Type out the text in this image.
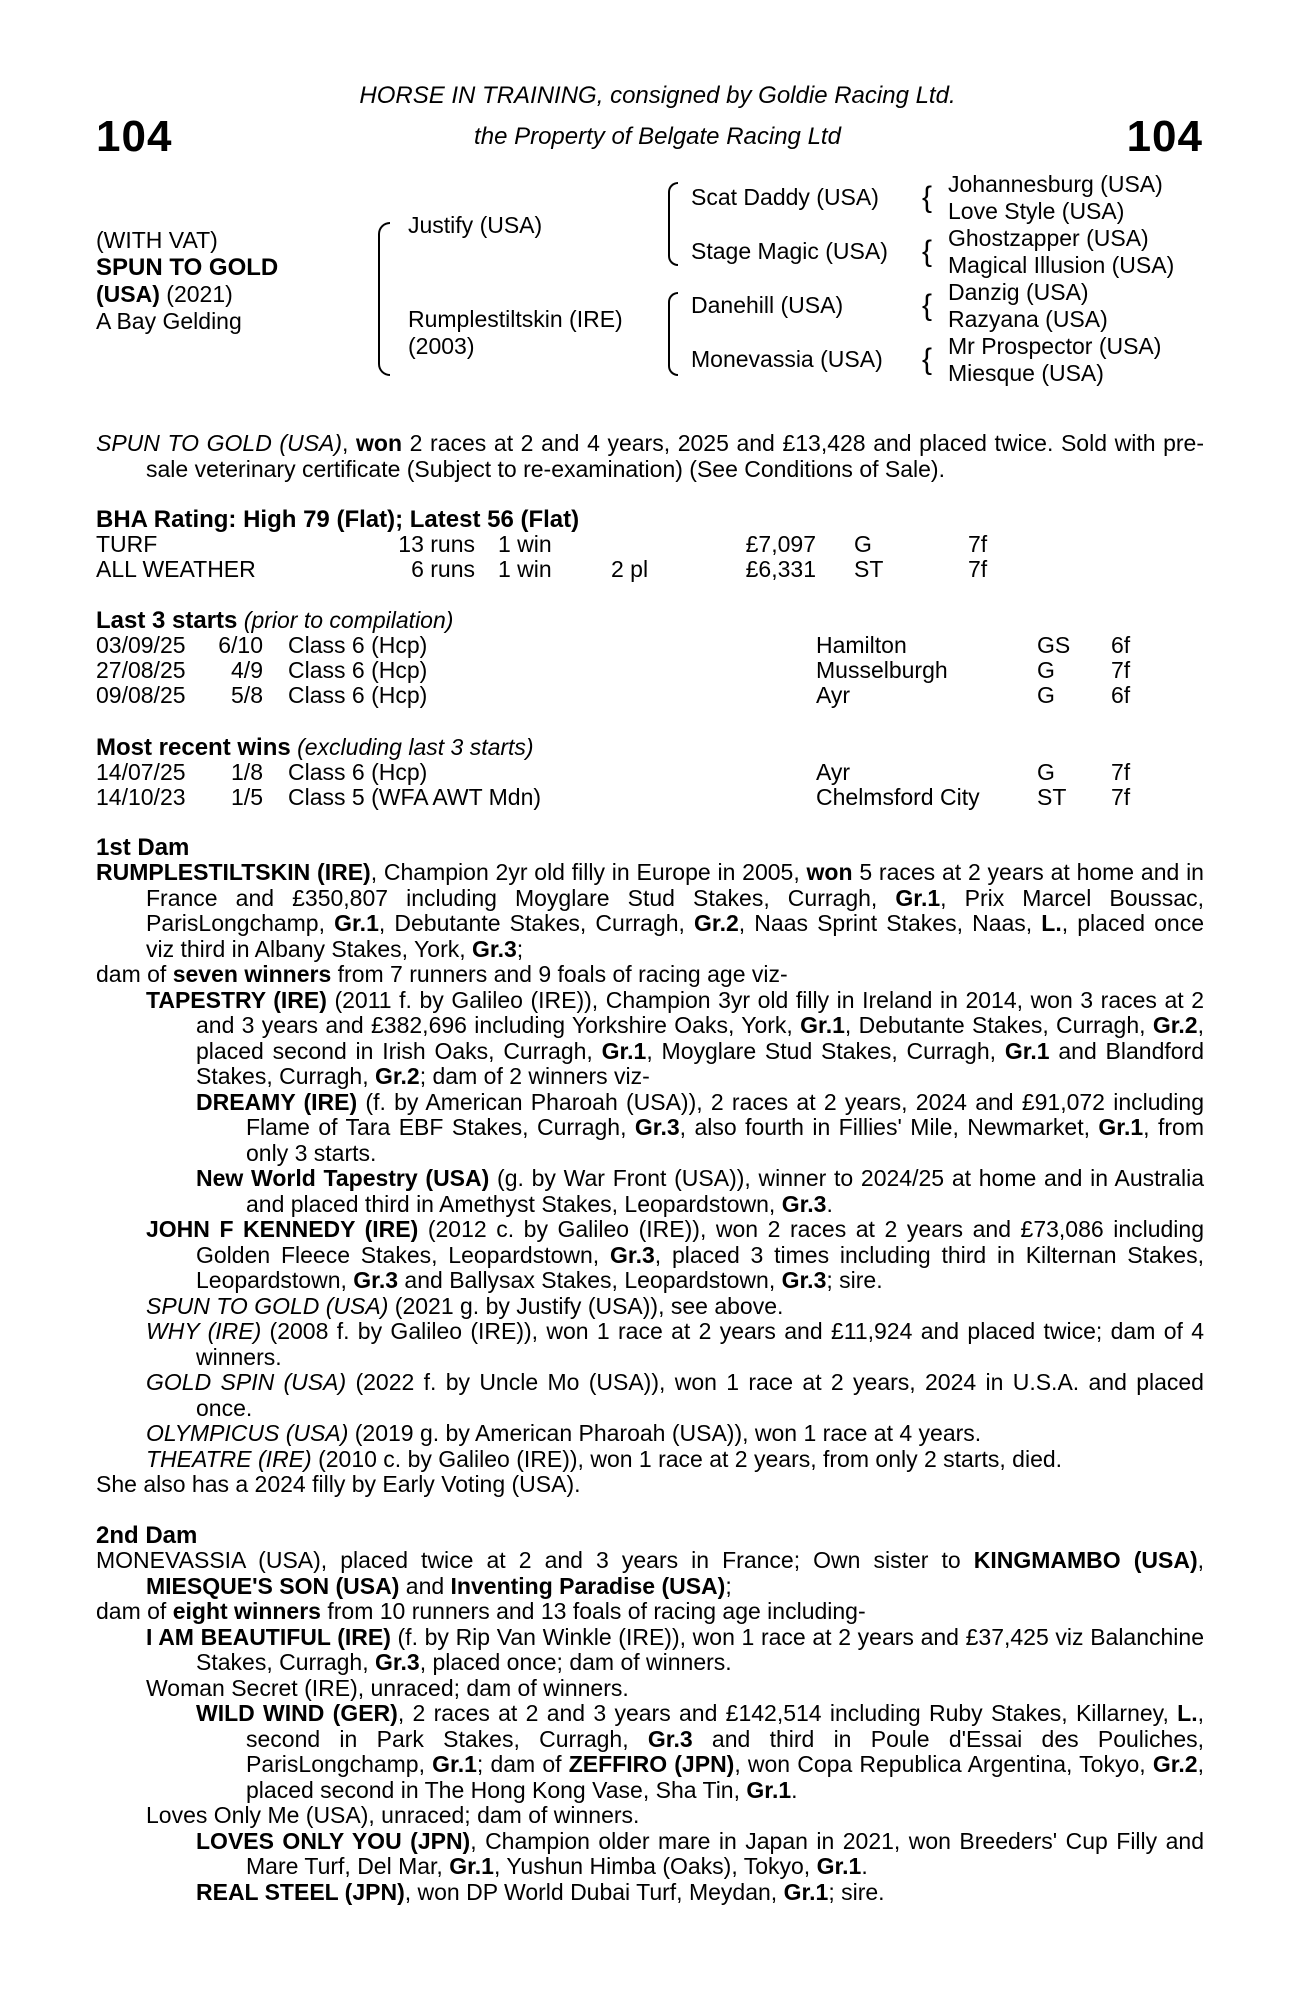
104	104
HORSE IN TRAINING, consigned by Goldie Racing Ltd.
the Property of Belgate Racing Ltd
(WITH VAT)
SPUN TO GOLD
(USA) (2021)
A Bay Gelding
Justify (USA)
Rumplestiltskin (IRE)
(2003)
Scat Daddy (USA)
Stage Magic (USA)
Danehill (USA)
Monevassia (USA)
{
{
{
{
Johannesburg (USA)
Love Style (USA)
Ghostzapper (USA)
Magical Illusion (USA)
Danzig (USA)
Razyana (USA)
Mr Prospector (USA)
Miesque (USA)

SPUN TO GOLD (USA), won 2 races at 2 and 4 years, 2025 and £13,428 and placed twice. Sold with pre-sale veterinary certificate (Subject to re-examination) (See Conditions of Sale).

BHA Rating: High 79 (Flat); Latest 56 (Flat)
TURF	13 runs 1 win	£7,097 G	7f
ALL WEATHER	6 runs 1 win	2 pl	£6,331 ST	7f
Last 3 starts (prior to compilation)
03/09/25	6/10 Class 6 (Hcp)	Hamilton	GS 6f
27/08/25	4/9 Class 6 (Hcp)	Musselburgh	G 7f
09/08/25	5/8 Class 6 (Hcp)	Ayr	G 6f
Most recent wins (excluding last 3 starts)
14/07/25	1/8 Class 6 (Hcp)	Ayr	G 7f
14/10/23	1/5 Class 5 (WFA AWT Mdn)	Chelmsford City ST 7f
1st Dam

RUMPLESTILTSKIN (IRE), Champion 2yr old filly in Europe in 2005, won 5 races at 2 years at home and in France and £350,807 including Moyglare Stud Stakes, Curragh, Gr.1, Prix Marcel Boussac, ParisLongchamp, Gr.1, Debutante Stakes, Curragh, Gr.2, Naas Sprint Stakes, Naas, L., placed once viz third in Albany Stakes, York, Gr.3;

dam of seven winners from 7 runners and 9 foals of racing age viz-

TAPESTRY (IRE) (2011 f. by Galileo (IRE)), Champion 3yr old filly in Ireland in 2014, won 3 races at 2 and 3 years and £382,696 including Yorkshire Oaks, York, Gr.1, Debutante Stakes, Curragh, Gr.2, placed second in Irish Oaks, Curragh, Gr.1, Moyglare Stud Stakes, Curragh, Gr.1 and Blandford Stakes, Curragh, Gr.2; dam of 2 winners viz-

DREAMY (IRE) (f. by American Pharoah (USA)), 2 races at 2 years, 2024 and £91,072 including Flame of Tara EBF Stakes, Curragh, Gr.3, also fourth in Fillies' Mile, Newmarket, Gr.1, from only 3 starts.

New World Tapestry (USA) (g. by War Front (USA)), winner to 2024/25 at home and in Australia and placed third in Amethyst Stakes, Leopardstown, Gr.3.

JOHN F KENNEDY (IRE) (2012 c. by Galileo (IRE)), won 2 races at 2 years and £73,086 including Golden Fleece Stakes, Leopardstown, Gr.3, placed 3 times including third in Kilternan Stakes, Leopardstown, Gr.3 and Ballysax Stakes, Leopardstown, Gr.3; sire.

SPUN TO GOLD (USA) (2021 g. by Justify (USA)), see above.

WHY (IRE) (2008 f. by Galileo (IRE)), won 1 race at 2 years and £11,924 and placed twice; dam of 4 winners.

GOLD SPIN (USA) (2022 f. by Uncle Mo (USA)), won 1 race at 2 years, 2024 in U.S.A. and placed once.

OLYMPICUS (USA) (2019 g. by American Pharoah (USA)), won 1 race at 4 years.

THEATRE (IRE) (2010 c. by Galileo (IRE)), won 1 race at 2 years, from only 2 starts, died.

She also has a 2024 filly by Early Voting (USA).

2nd Dam

MONEVASSIA (USA), placed twice at 2 and 3 years in France; Own sister to KINGMAMBO (USA), MIESQUE'S SON (USA) and Inventing Paradise (USA);

dam of eight winners from 10 runners and 13 foals of racing age including-

I AM BEAUTIFUL (IRE) (f. by Rip Van Winkle (IRE)), won 1 race at 2 years and £37,425 viz Balanchine Stakes, Curragh, Gr.3, placed once; dam of winners.

Woman Secret (IRE), unraced; dam of winners.

WILD WIND (GER), 2 races at 2 and 3 years and £142,514 including Ruby Stakes, Killarney, L., second in Park Stakes, Curragh, Gr.3 and third in Poule d'Essai des Pouliches, ParisLongchamp, Gr.1; dam of ZEFFIRO (JPN), won Copa Republica Argentina, Tokyo, Gr.2, placed second in The Hong Kong Vase, Sha Tin, Gr.1.

Loves Only Me (USA), unraced; dam of winners.

LOVES ONLY YOU (JPN), Champion older mare in Japan in 2021, won Breeders' Cup Filly and Mare Turf, Del Mar, Gr.1, Yushun Himba (Oaks), Tokyo, Gr.1.

REAL STEEL (JPN), won DP World Dubai Turf, Meydan, Gr.1; sire.
